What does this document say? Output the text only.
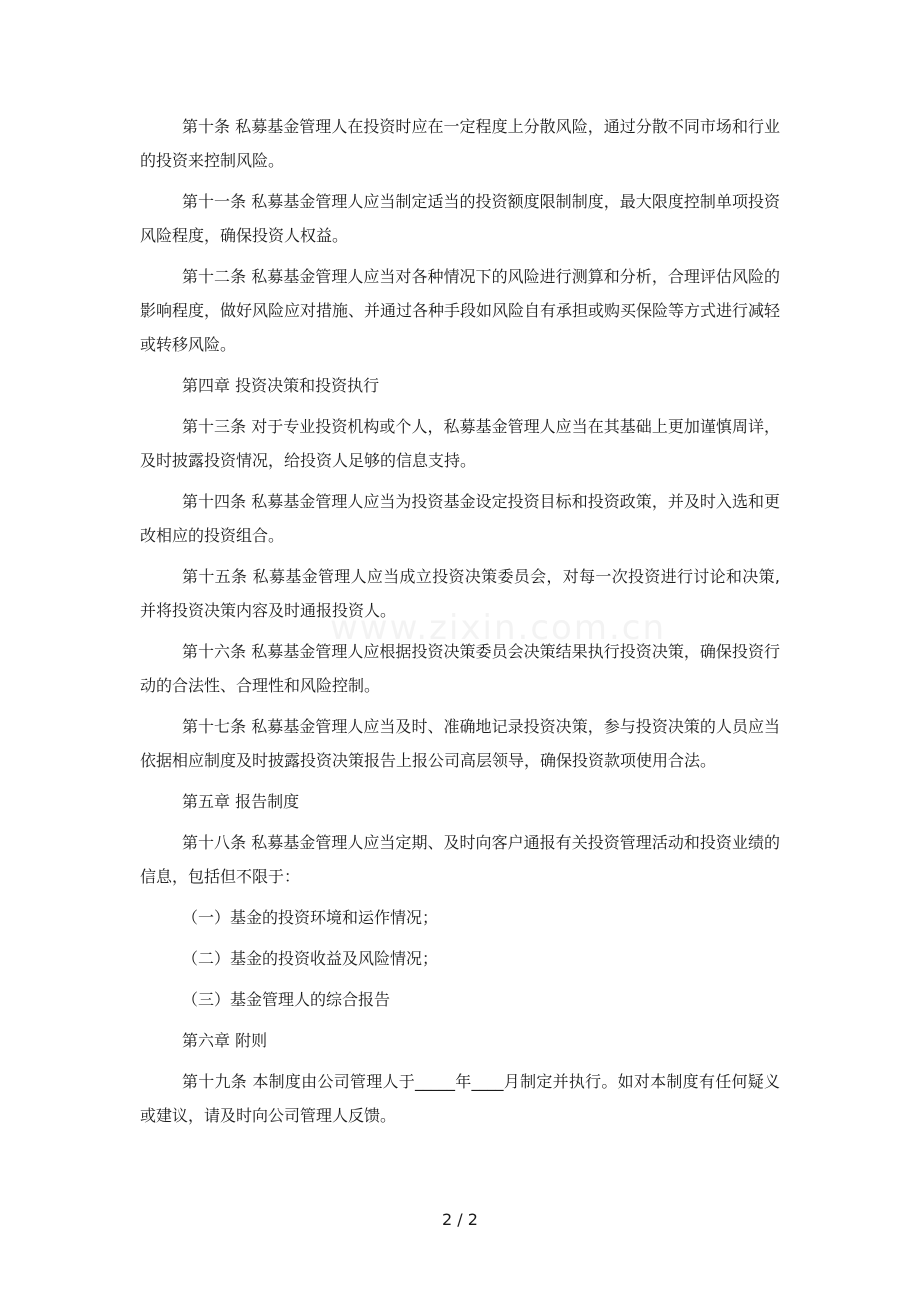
第十条 私募基金管理人在投资时应在一定程度上分散风险，通过分散不同市场和行业的投资来控制风险。

第十一条 私募基金管理人应当制定适当的投资额度限制制度，最大限度控制单项投资风险程度，确保投资人权益。

第十二条 私募基金管理人应当对各种情况下的风险进行测算和分析，合理评估风险的影响程度，做好风险应对措施、并通过各种手段如风险自有承担或购买保险等方式进行减轻或转移风险。

第四章 投资决策和投资执行

第十三条 对于专业投资机构或个人，私募基金管理人应当在其基础上更加谨慎周详，及时披露投资情况，给投资人足够的信息支持。

第十四条 私募基金管理人应当为投资基金设定投资目标和投资政策，并及时入选和更改相应的投资组合。

第十五条 私募基金管理人应当成立投资决策委员会，对每一次投资进行讨论和决策,并将投资决策内容及时通报投资人。

第十六条 私募基金管理人应根据投资决策委员会决策结果执行投资决策，确保投资行动的合法性、合理性和风险控制。

第十七条 私募基金管理人应当及时、准确地记录投资决策，参与投资决策的人员应当依据相应制度及时披露投资决策报告上报公司高层领导，确保投资款项使用合法。

第五章 报告制度

第十八条 私募基金管理人应当定期、及时向客户通报有关投资管理活动和投资业绩的信息，包括但不限于：

（一）基金的投资环境和运作情况；

（二）基金的投资收益及风险情况；

（三）基金管理人的综合报告

第六章 附则

第十九条 本制度由公司管理人于_____年____月制定并执行。如对本制度有任何疑义或建议，请及时向公司管理人反馈。

www.zixin.com.cn
2 / 2
